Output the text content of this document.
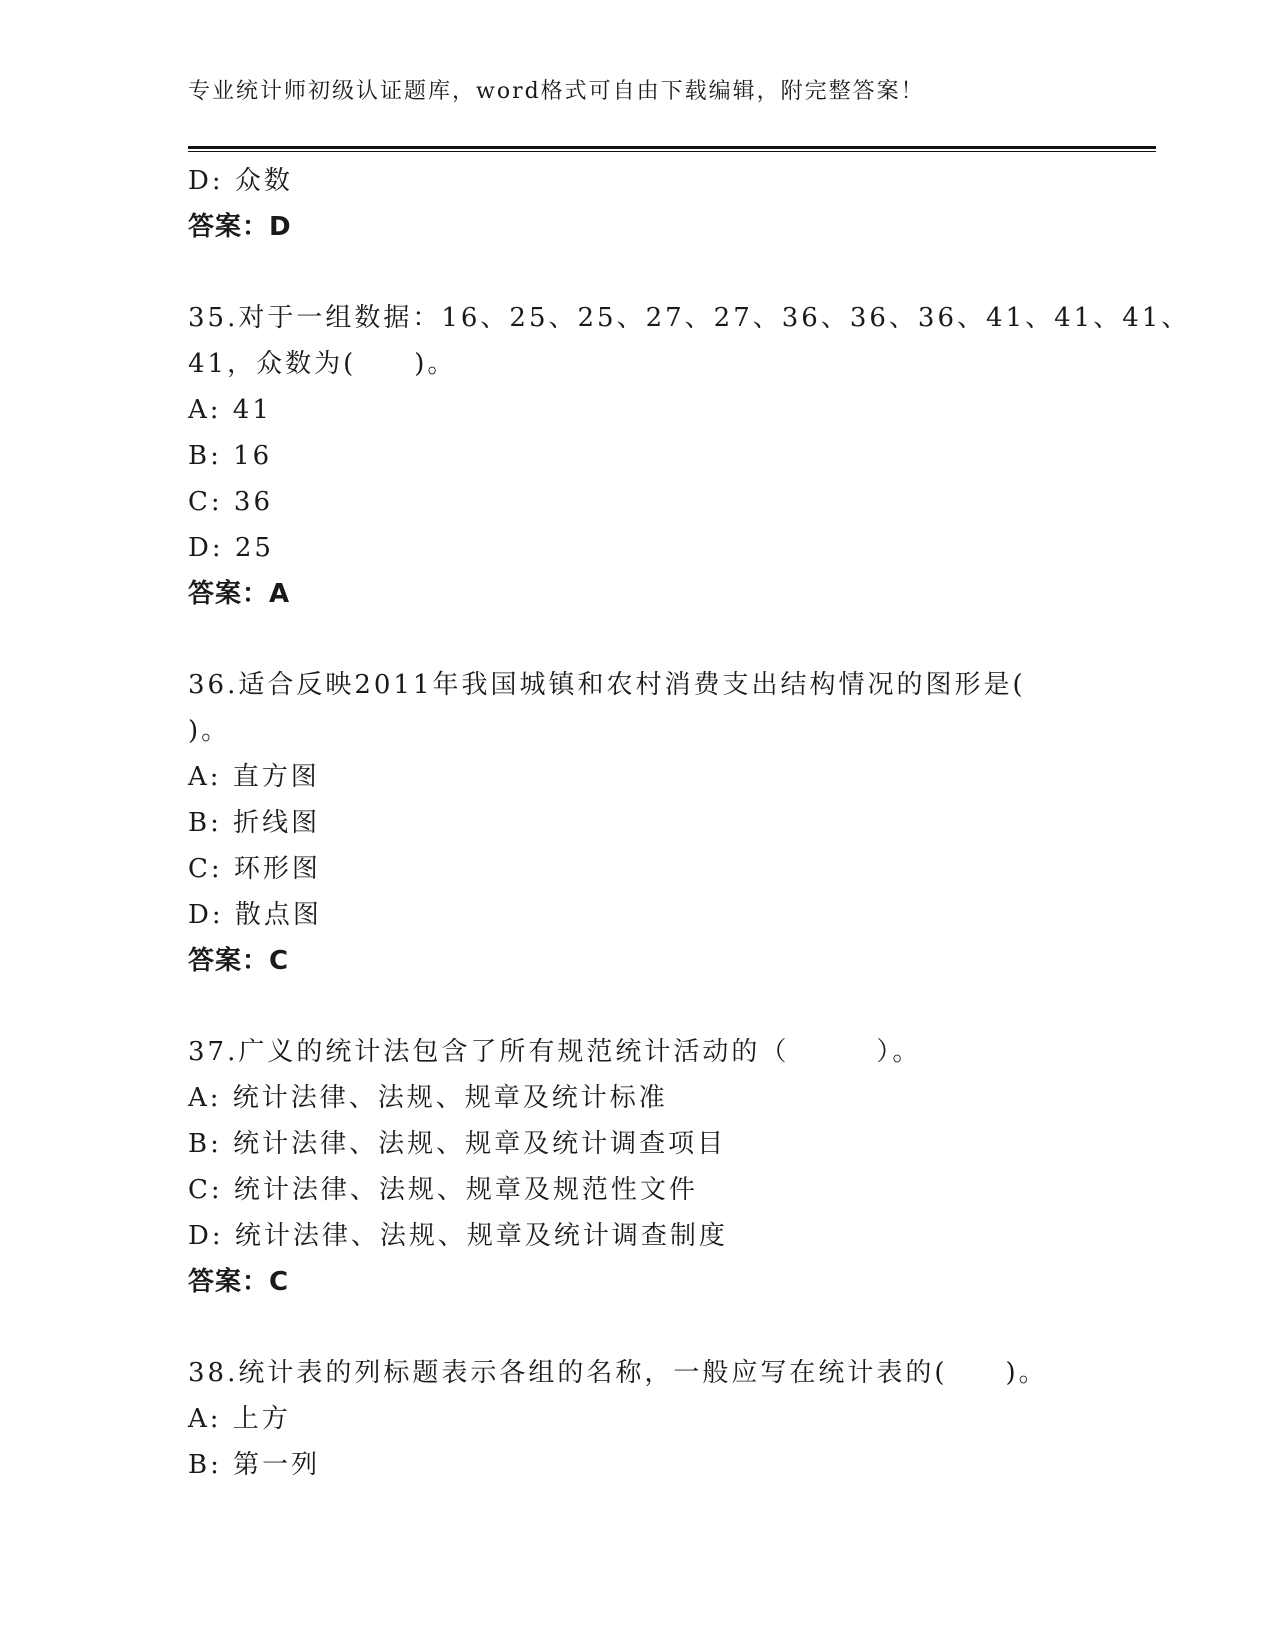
专业统计师初级认证题库，word格式可自由下载编辑，附完整答案！
D: 众数
答案：D
35.对于一组数据：16、25、25、27、27、36、36、36、41、41、41、
41，众数为(　　)。
A: 41
B: 16
C: 36
D: 25
答案：A
36.适合反映2011年我国城镇和农村消费支出结构情况的图形是(
)。
A: 直方图
B: 折线图
C: 环形图
D: 散点图
答案：C
37.广义的统计法包含了所有规范统计活动的（　　　）。
A: 统计法律、法规、规章及统计标准
B: 统计法律、法规、规章及统计调查项目
C: 统计法律、法规、规章及规范性文件
D: 统计法律、法规、规章及统计调查制度
答案：C
38.统计表的列标题表示各组的名称，一般应写在统计表的(　　)。
A: 上方
B: 第一列
